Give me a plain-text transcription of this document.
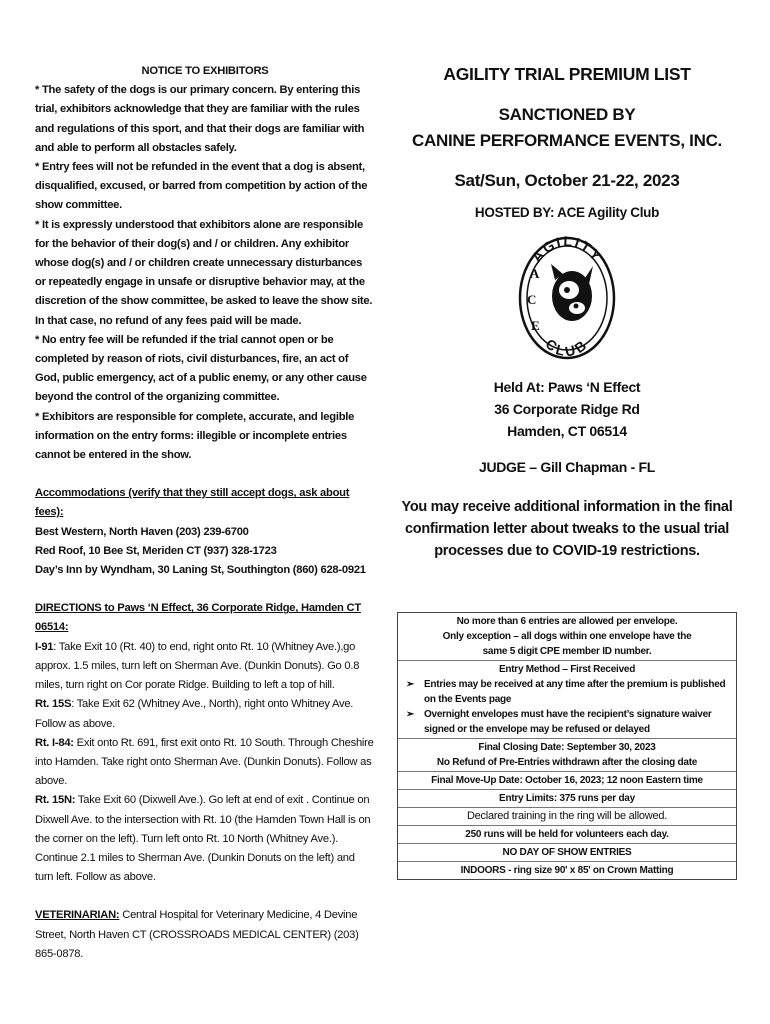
NOTICE TO EXHIBITORS

* The safety of the dogs is our primary concern. By entering this trial, exhibitors acknowledge that they are familiar with the rules and regulations of this sport, and that their dogs are familiar with and able to perform all obstacles safely.

* Entry fees will not be refunded in the event that a dog is absent, disqualified, excused, or barred from competition by action of the show committee.

* It is expressly understood that exhibitors alone are responsible for the behavior of their dog(s) and / or children. Any exhibitor whose dog(s) and / or children create unnecessary disturbances or repeatedly engage in unsafe or disruptive behavior may, at the discretion of the show committee, be asked to leave the show site. In that case, no refund of any fees paid will be made.

* No entry fee will be refunded if the trial cannot open or be completed by reason of riots, civil disturbances, fire, an act of God, public emergency, act of a public enemy, or any other cause beyond the control of the organizing committee.

* Exhibitors are responsible for complete, accurate, and legible information on the entry forms: illegible or incomplete entries cannot be entered in the show.

Accommodations (verify that they still accept dogs, ask about fees):

Best Western, North Haven (203) 239-6700

Red Roof, 10 Bee St, Meriden CT (937) 328-1723

Day’s Inn by Wyndham, 30 Laning St, Southington (860) 628-0921

DIRECTIONS to Paws ‘N Effect, 36 Corporate Ridge, Hamden CT 06514:

I-91: Take Exit 10 (Rt. 40) to end, right onto Rt. 10 (Whitney Ave.),go approx. 1.5 miles, turn left on Sherman Ave. (Dunkin Donuts). Go 0.8 miles, turn right on Cor porate Ridge. Building to left a top of hill.

Rt. 15S: Take Exit 62 (Whitney Ave., North), right onto Whitney Ave. Follow as above.

Rt. I-84: Exit onto Rt. 691, first exit onto Rt. 10 South. Through Cheshire into Hamden. Take right onto Sherman Ave. (Dunkin Donuts). Follow as above.

Rt. 15N: Take Exit 60 (Dixwell Ave.). Go left at end of exit . Continue on Dixwell Ave. to the intersection with Rt. 10 (the Hamden Town Hall is on the corner on the left). Turn left onto Rt. 10 North (Whitney Ave.). Continue 2.1 miles to Sherman Ave. (Dunkin Donuts on the left) and turn left. Follow as above.

VETERINARIAN: Central Hospital for Veterinary Medicine, 4 Devine Street, North Haven CT (CROSSROADS MEDICAL CENTER) (203) 865-0878.

AGILITY TRIAL PREMIUM LIST
SANCTIONED BY
CANINE PERFORMANCE EVENTS, INC.
Sat/Sun, October 21-22, 2023
HOSTED BY: ACE Agility Club
AGILITY
CLUB
A
C
E
Held At: Paws ‘N Effect
36 Corporate Ridge Rd
Hamden, CT 06514
JUDGE – Gill Chapman - FL
You may receive additional information in the final confirmation letter about tweaks to the usual trial processes due to COVID-19 restrictions.
No more than 6 entries are allowed per envelope.
Only exception – all dogs within one envelope have the
same 5 digit CPE member ID number.
Entry Method – First Received
➢ Entries may be received at any time after the premium is published on the Events page
➢ Overnight envelopes must have the recipient’s signature waiver signed or the envelope may be refused or delayed
Final Closing Date: September 30, 2023
No Refund of Pre-Entries withdrawn after the closing date
Final Move-Up Date: October 16, 2023; 12 noon Eastern time
Entry Limits: 375 runs per day
Declared training in the ring will be allowed.
250 runs will be held for volunteers each day.
NO DAY OF SHOW ENTRIES
INDOORS - ring size 90' x 85' on Crown Matting
